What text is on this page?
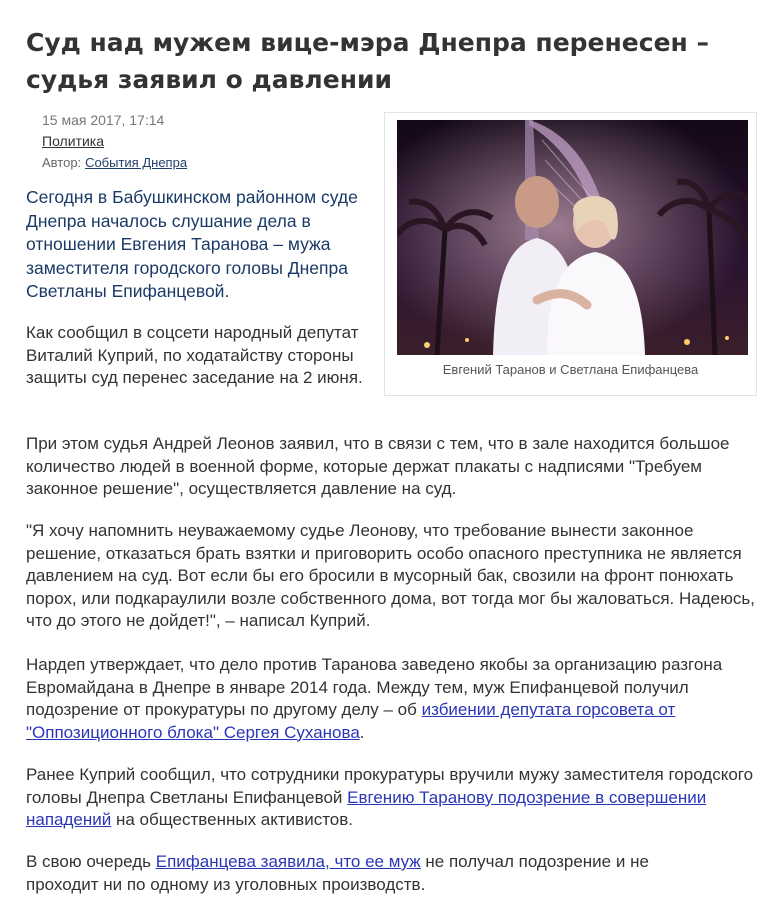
Суд над мужем вице-мэра Днепра перенесен – судья заявил о давлении
15 мая 2017, 17:14
Политика
Автор: События Днепра
Евгений Таранов и Светлана Епифанцева

Сегодня в Бабушкинском районном суде Днепра началось слушание дела в отношении Евгения Таранова – мужа заместителя городского головы Днепра Светланы Епифанцевой.

Как сообщил в соцсети народный депутат Виталий Куприй, по ходатайству стороны защиты суд перенес заседание на 2 июня.

При этом судья Андрей Леонов заявил, что в связи с тем, что в зале находится большое количество людей в военной форме, которые держат плакаты с надписями "Требуем законное решение", осуществляется давление на суд.

"Я хочу напомнить неуважаемому судье Леонову, что требование вынести законное решение, отказаться брать взятки и приговорить особо опасного преступника не является давлением на суд. Вот если бы его бросили в мусорный бак, свозили на фронт понюхать порох, или подкараулили возле собственного дома, вот тогда мог бы жаловаться. Надеюсь, что до этого не дойдет!", – написал Куприй.

Нардеп утверждает, что дело против Таранова заведено якобы за организацию разгона Евромайдана в Днепре в январе 2014 года. Между тем, муж Епифанцевой получил подозрение от прокуратуры по другому делу – об избиении депутата горсовета от "Оппозиционного блока" Сергея Суханова.

Ранее Куприй сообщил, что сотрудники прокуратуры вручили мужу заместителя городского головы Днепра Светланы Епифанцевой Евгению Таранову подозрение в совершении нападений на общественных активистов.

В свою очередь Епифанцева заявила, что ее муж не получал подозрение и не проходит ни по одному из уголовных производств.
